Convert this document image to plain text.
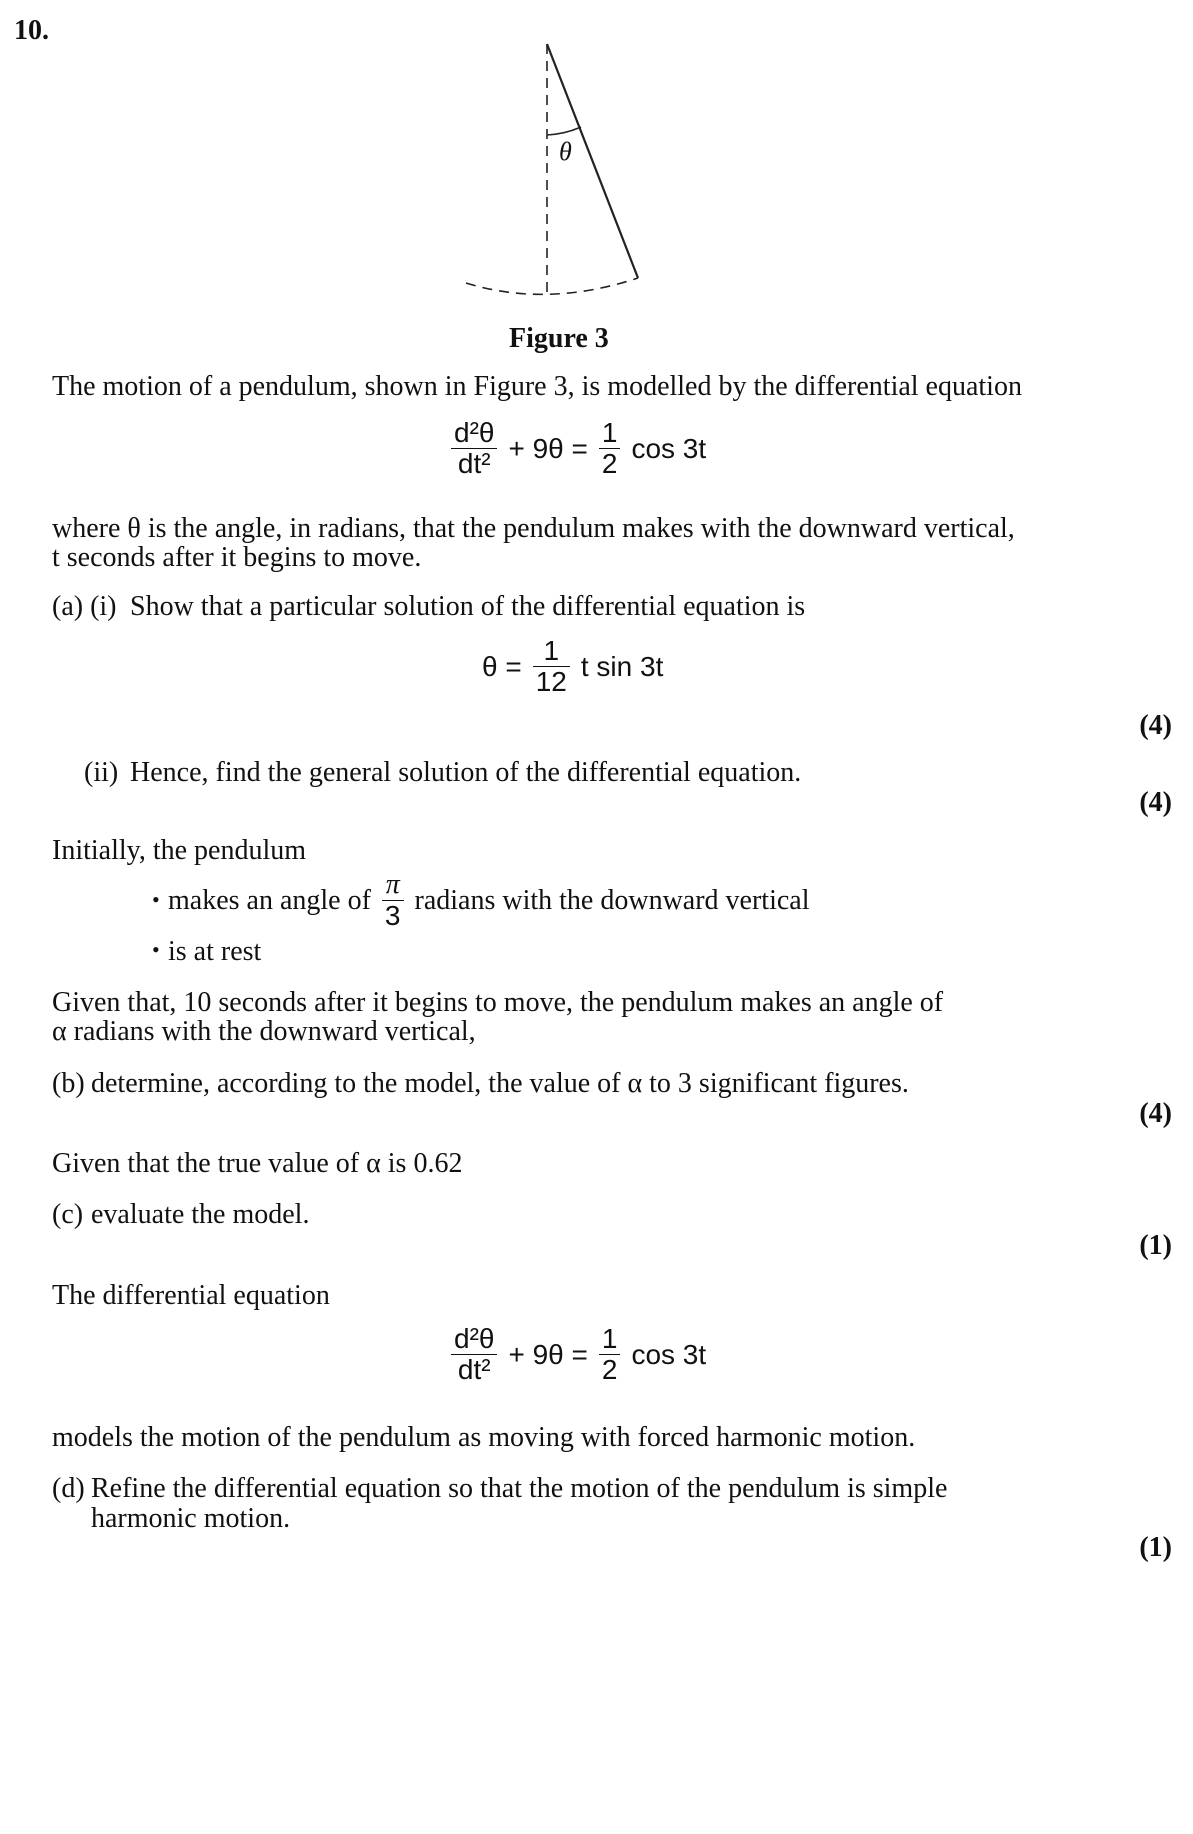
10.
θ
Figure 3
The motion of a pendulum, shown in Figure 3, is modelled by the differential equation
$\frac{\text{d²θ}}{\text{dt²}} + 9\theta = \frac{1}{2}$ cos 3t
where θ is the angle, in radians, that the pendulum makes with the downward vertical,
t seconds after it begins to move.
(a) (i) Show that a particular solution of the differential equation is
$\theta = \frac{1}{12}$ t sin 3t
(4)
(ii) Hence, find the general solution of the differential equation.
(4)
Initially, the pendulum
• makes an angle of $\frac{\pi}{3}$ radians with the downward vertical
• is at rest
Given that, 10 seconds after it begins to move, the pendulum makes an angle of
α radians with the downward vertical,
(b) determine, according to the model, the value of α to 3 significant figures.
(4)
Given that the true value of α is 0.62
(c) evaluate the model.
(1)
The differential equation
$\frac{\text{d²θ}}{\text{dt²}} + 9\theta = \frac{1}{2}$ cos 3t
models the motion of the pendulum as moving with forced harmonic motion.
(d) Refine the differential equation so that the motion of the pendulum is simple
harmonic motion.
(1)
